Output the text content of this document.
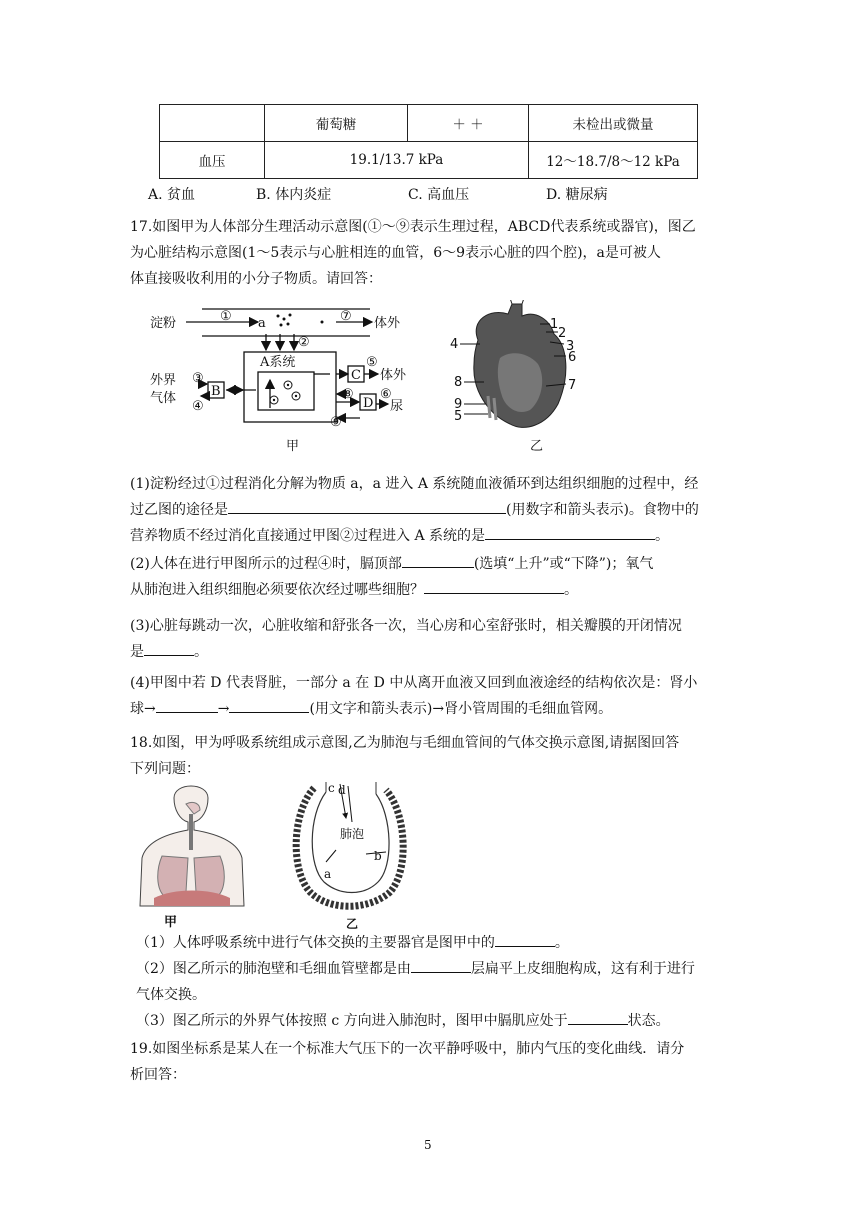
	葡萄糖	＋ ＋	未检出或微量
血压	19.1/13.7 kPa		12～18.7/8～12 kPa
A. 贫血	B. 体内炎症	C. 高血压	D. 糖尿病
17.如图甲为人体部分生理活动示意图(①～⑨表示生理过程，ABCD代表系统或器官)，图乙
为心脏结构示意图(1～5表示与心脏相连的血管，6～9表示心脏的四个腔)，a是可被人
体直接吸收利用的小分子物质。请回答：
淀粉	a	体外
①	⑦
②
A系统
外界
气体
③
④
B
C
D
⑤
体外
⑥
⑧
尿
⑨
甲
1
2
3
4
5
6
7
8
9
乙
(1)淀粉经过①过程消化分解为物质 a，a 进入 A 系统随血液循环到达组织细胞的过程中，经
过乙图的途径是	(用数字和箭头表示)。食物中的
营养物质不经过消化直接通过甲图②过程进入 A 系统的是	。
(2)人体在进行甲图所示的过程④时，膈顶部	(选填“上升”或“下降”)；氧气
从肺泡进入组织细胞必须要依次经过哪些细胞？	。
(3)心脏每跳动一次，心脏收缩和舒张各一次，当心房和心室舒张时，相关瓣膜的开闭情况
是	。
(4)甲图中若 D 代表肾脏，一部分 a 在 D 中从离开血液又回到血液途经的结构依次是：肾小
球→	→	(用文字和箭头表示)→肾小管周围的毛细血管网。
18.如图，甲为呼吸系统组成示意图,乙为肺泡与毛细血管间的气体交换示意图,请据图回答
下列问题：
甲
c d
肺泡
b
a
乙
（1）人体呼吸系统中进行气体交换的主要器官是图甲中的	。
（2）图乙所示的肺泡壁和毛细血管壁都是由	层扁平上皮细胞构成，这有利于进行
气体交换。
（3）图乙所示的外界气体按照 c 方向进入肺泡时，图甲中膈肌应处于	状态。
19.如图坐标系是某人在一个标准大气压下的一次平静呼吸中，肺内气压的变化曲线．请分
析回答：
5
